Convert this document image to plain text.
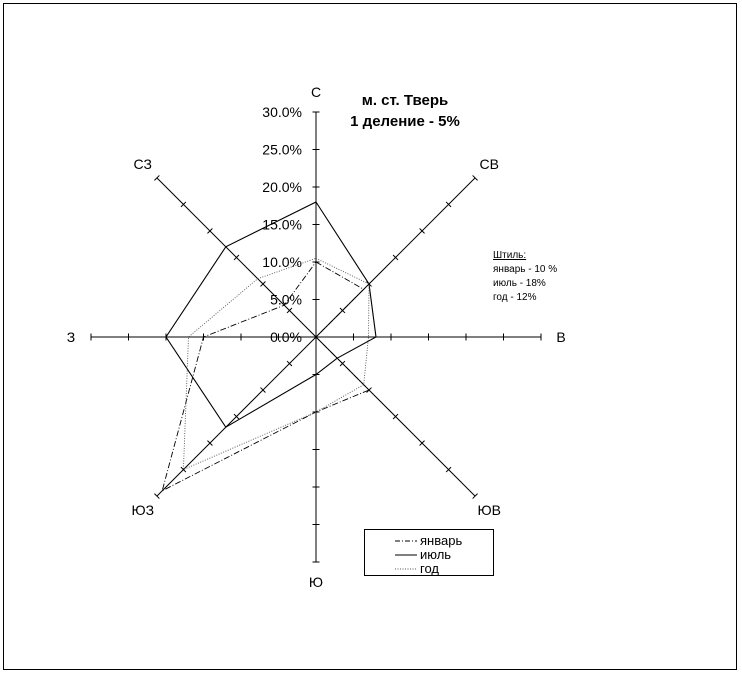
С
СВ
В
ЮВ
Ю
ЮЗ
З
СЗ
0.0%
5.0%
10.0%
15.0%
20.0%
25.0%
30.0%
м. ст. Тверь
1 деление - 5%
Штиль:
январь - 10 %
июль - 18%
год - 12%
январь
июль
год
